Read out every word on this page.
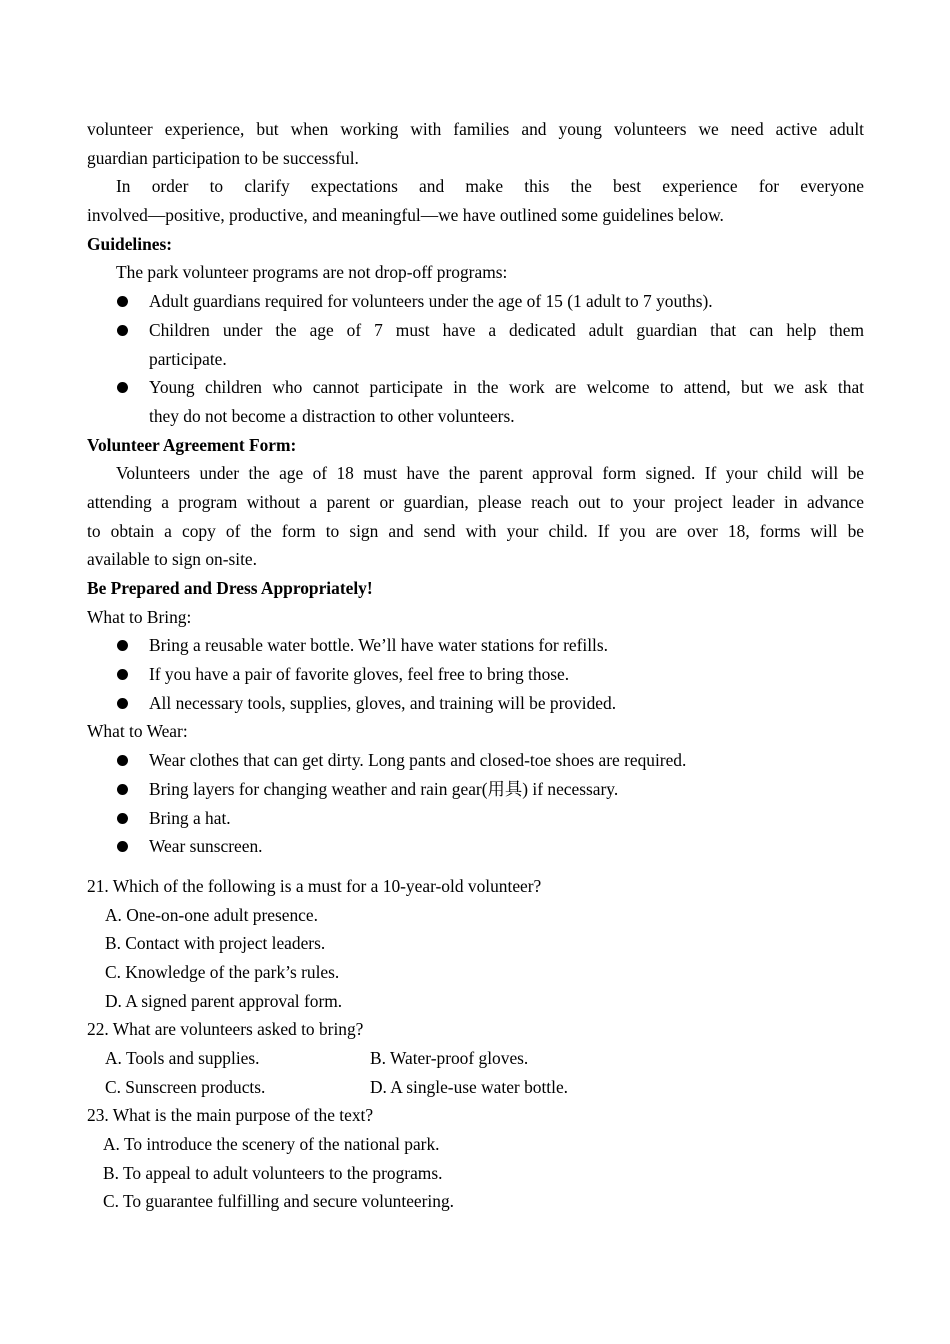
volunteer experience, but when working with families and young volunteers we need active adult
guardian participation to be successful.
In order to clarify expectations and make this the best experience for everyone
involved—positive, productive, and meaningful—we have outlined some guidelines below.
Guidelines:
The park volunteer programs are not drop-off programs:
Adult guardians required for volunteers under the age of 15 (1 adult to 7 youths).
Children under the age of 7 must have a dedicated adult guardian that can help them
participate.
Young children who cannot participate in the work are welcome to attend, but we ask that
they do not become a distraction to other volunteers.
Volunteer Agreement Form:
Volunteers under the age of 18 must have the parent approval form signed. If your child will be
attending a program without a parent or guardian, please reach out to your project leader in advance
to obtain a copy of the form to sign and send with your child. If you are over 18, forms will be
available to sign on-site.
Be Prepared and Dress Appropriately!
What to Bring:
Bring a reusable water bottle. We’ll have water stations for refills.
If you have a pair of favorite gloves, feel free to bring those.
All necessary tools, supplies, gloves, and training will be provided.
What to Wear:
Wear clothes that can get dirty. Long pants and closed-toe shoes are required.
Bring layers for changing weather and rain gear(用具) if necessary.
Bring a hat.
Wear sunscreen.
21. Which of the following is a must for a 10-year-old volunteer?
A. One-on-one adult presence.
B. Contact with project leaders.
C. Knowledge of the park’s rules.
D. A signed parent approval form.
22. What are volunteers asked to bring?
A. Tools and supplies.	B. Water-proof gloves.
C. Sunscreen products.	D. A single-use water bottle.
23. What is the main purpose of the text?
A. To introduce the scenery of the national park.
B. To appeal to adult volunteers to the programs.
C. To guarantee fulfilling and secure volunteering.
